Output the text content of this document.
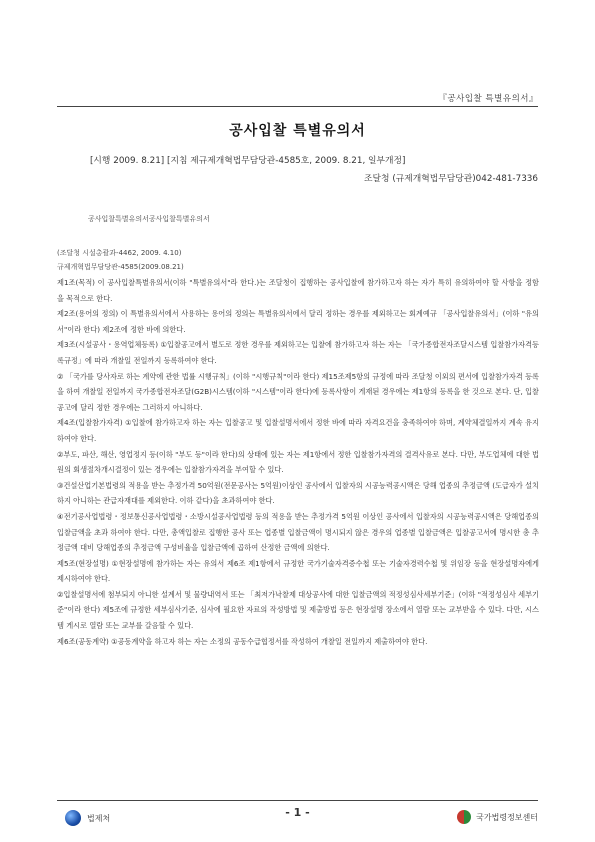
『공사입찰 특별유의서』
공사입찰 특별유의서
[시행 2009. 8.21] [지침 제규제개혁법무담당관-4585호, 2009. 8.21, 일부개정]
조달청 (규제개혁법무담당관)042-481-7336
공사입찰특별유의서공사입찰특별유의서
(조달청 시설총괄과-4462, 2009. 4.10)
규제개혁법무담당관-4585(2009.08.21)

제1조(목적) 이 공사입찰특별유의서(이하 "특별유의서"라 한다.)는 조달청이 집행하는 공사입찰에 참가하고자 하는 자가 특히 유의하여야 할 사항을 정함을 목적으로 한다.

제2조(용어의 정의) 이 특별유의서에서 사용하는 용어의 정의는 특별유의서에서 달리 정하는 경우를 제외하고는 회계예규 「공사입찰유의서」(이하 "유의서"이라 한다) 제2조에 정한 바에 의한다.

제3조(시설공사・용역업체등록) ①입찰공고에서 별도로 정한 경우를 제외하고는 입찰에 참가하고자 하는 자는 「국가종합전자조달시스템 입찰참가자격등록규정」에 따라 개찰일 전일까지 등록하여야 한다.

② 「국가를 당사자로 하는 계약에 관한 법률 시행규칙」(이하 "시행규칙"이라 한다) 제15조제5항의 규정에 따라 조달청 이외의 편서에 입찰참가자격 등록을 하여 개찰일 전일까지 국가종합전자조달(G2B)시스템(이하 "시스템"이라 한다)에 등록사항이 게재된 경우에는 제1항의 등록을 한 것으로 본다. 단, 입찰공고에 달리 정한 경우에는 그러하지 아니하다.

제4조(입찰참가자격) ①입찰에 참가하고자 하는 자는 입찰공고 및 입찰설명서에서 정한 바에 따라 자격요건을 충족하여야 하며, 계약체결일까지 계속 유지하여야 한다.

②부도, 파산, 해산, 영업정지 등(이하 "부도 등"이라 한다)의 상태에 있는 자는 제1항에서 정한 입찰참가자격의 결격사유로 본다. 다만, 부도업체에 대한 법원의 회생절차개시결정이 있는 경우에는 입찰참가자격을 부여할 수 있다.

③건설산업기본법령의 적용을 받는 추정가격 50억원(전문공사는 5억원)이상인 공사에서 입찰자의 시공능력공시액은 당해 업종의 추정금액 (도급자가 설치하지 아니하는 관급자재대를 제외한다. 이하 같다)을 초과하여야 한다.

④전기공사업법령・정보통신공사업법령・소방시설공사업법령 등의 적용을 받는 추정가격 5억원 이상인 공사에서 입찰자의 시공능력공시액은 당해업종의 입찰금액을 초과 하여야 한다. 다만, 총액입찰로 집행한 공사 또는 업종별 입찰금액이 명시되지 않은 경우의 업종별 입찰금액은 입찰공고서에 명시한 총 추정금액 대비 당해업종의 추정금액 구성비율을 입찰금액에 곱하여 산정한 금액에 의한다.

제5조(현장설명) ①현장설명에 참가하는 자는 유의서 제6조 제1항에서 규정한 국가기술자격증수첩 또는 기술자경력수첩 및 위임장 등을 현장설명자에게 제시하여야 한다.

②입찰설명서에 첨부되지 아니한 설계서 및 물량내역서 또는 「최저가낙찰제 대상공사에 대한 입찰금액의 적정성심사세부기준」(이하 "적정성심사 세부기준"이라 한다) 제5조에 규정한 세부심사기준, 심사에 필요한 자료의 작성방법 및 제출방법 등은 현장설명 장소에서 열람 또는 교부받을 수 있다. 다만, 시스템 게시로 열람 또는 교부를 갈음할 수 있다.

제6조(공동계약) ①공동계약을 하고자 하는 자는 소정의 공동수급협정서를 작성하여 개찰일 전일까지 제출하여야 한다.

법제처	- 1 -	국가법령정보센터
